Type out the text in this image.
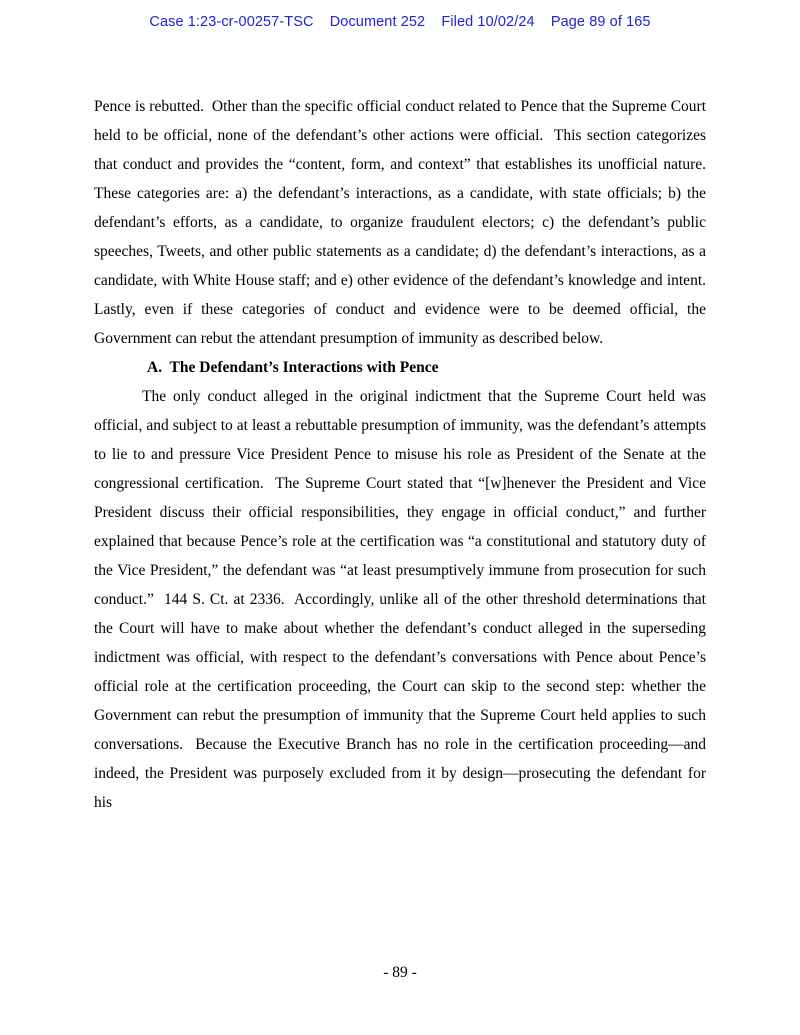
Case 1:23-cr-00257-TSC Document 252 Filed 10/02/24 Page 89 of 165

Pence is rebutted.  Other than the specific official conduct related to Pence that the Supreme Court held to be official, none of the defendant’s other actions were official.  This section categorizes that conduct and provides the “content, form, and context” that establishes its unofficial nature.  These categories are: a) the defendant’s interactions, as a candidate, with state officials; b) the defendant’s efforts, as a candidate, to organize fraudulent electors; c) the defendant’s public speeches, Tweets, and other public statements as a candidate; d) the defendant’s interactions, as a candidate, with White House staff; and e) other evidence of the defendant’s knowledge and intent.  Lastly, even if these categories of conduct and evidence were to be deemed official, the Government can rebut the attendant presumption of immunity as described below.

A.  The Defendant’s Interactions with Pence

The only conduct alleged in the original indictment that the Supreme Court held was official, and subject to at least a rebuttable presumption of immunity, was the defendant’s attempts to lie to and pressure Vice President Pence to misuse his role as President of the Senate at the congressional certification.  The Supreme Court stated that “[w]henever the President and Vice President discuss their official responsibilities, they engage in official conduct,” and further explained that because Pence’s role at the certification was “a constitutional and statutory duty of the Vice President,” the defendant was “at least presumptively immune from prosecution for such conduct.”  144 S. Ct. at 2336.  Accordingly, unlike all of the other threshold determinations that the Court will have to make about whether the defendant’s conduct alleged in the superseding indictment was official, with respect to the defendant’s conversations with Pence about Pence’s official role at the certification proceeding, the Court can skip to the second step: whether the Government can rebut the presumption of immunity that the Supreme Court held applies to such conversations.  Because the Executive Branch has no role in the certification proceeding—and indeed, the President was purposely excluded from it by design—prosecuting the defendant for his

- 89 -
